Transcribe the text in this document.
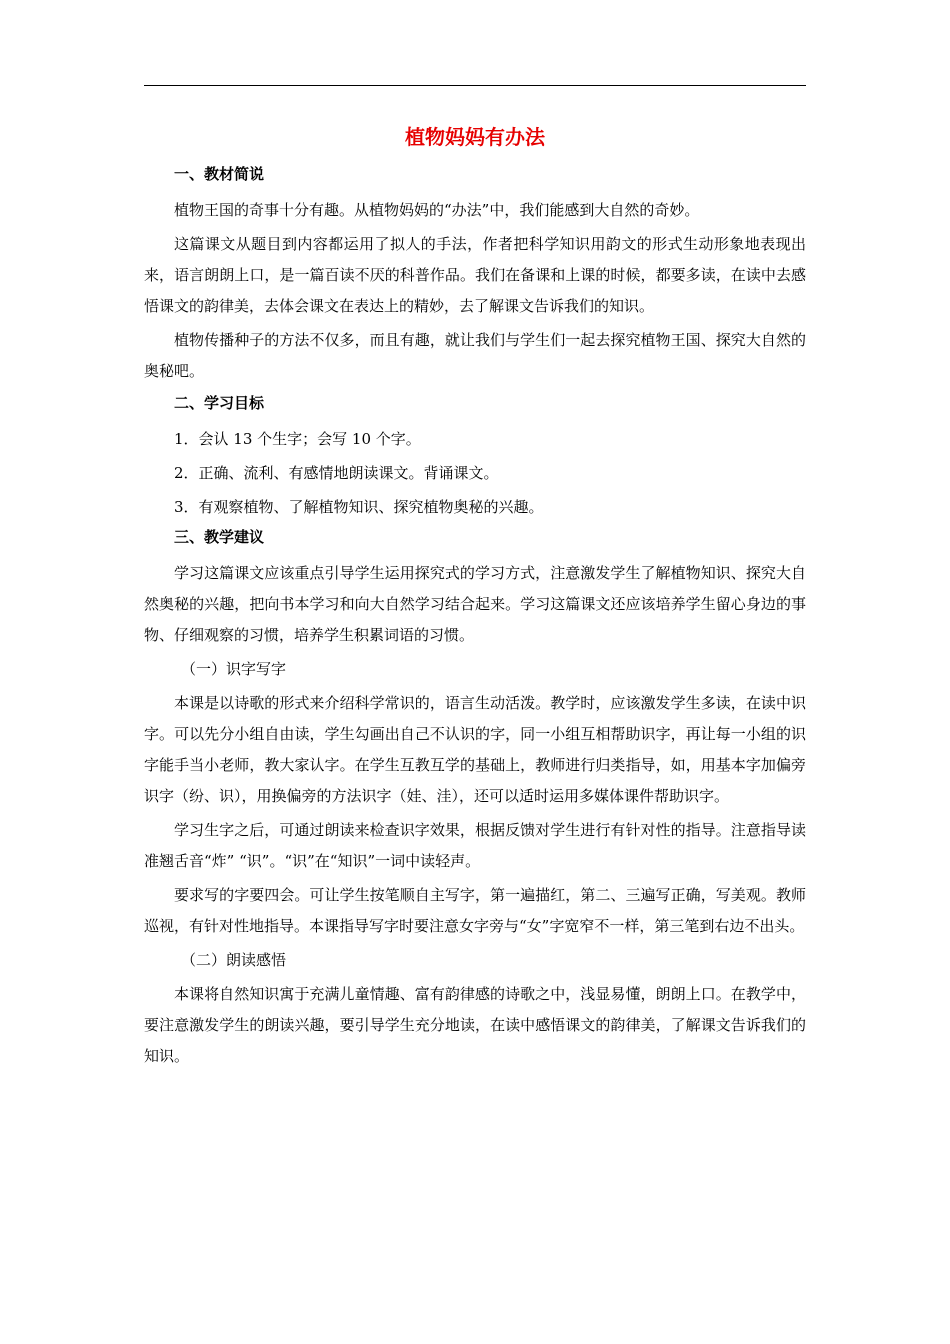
植物妈妈有办法
一、教材简说

植物王国的奇事十分有趣。从植物妈妈的“办法”中，我们能感到大自然的奇妙。

这篇课文从题目到内容都运用了拟人的手法，作者把科学知识用韵文的形式生动形象地表现出来，语言朗朗上口，是一篇百读不厌的科普作品。我们在备课和上课的时候，都要多读，在读中去感悟课文的韵律美，去体会课文在表达上的精妙，去了解课文告诉我们的知识。

植物传播种子的方法不仅多，而且有趣，就让我们与学生们一起去探究植物王国、探究大自然的奥秘吧。

二、学习目标

1．会认 13 个生字；会写 10 个字。

2．正确、流利、有感情地朗读课文。背诵课文。

3．有观察植物、了解植物知识、探究植物奥秘的兴趣。

三、教学建议

学习这篇课文应该重点引导学生运用探究式的学习方式，注意激发学生了解植物知识、探究大自然奥秘的兴趣，把向书本学习和向大自然学习结合起来。学习这篇课文还应该培养学生留心身边的事物、仔细观察的习惯，培养学生积累词语的习惯。

（一）识字写字

本课是以诗歌的形式来介绍科学常识的，语言生动活泼。教学时，应该激发学生多读，在读中识字。可以先分小组自由读，学生勾画出自己不认识的字，同一小组互相帮助识字，再让每一小组的识字能手当小老师，教大家认字。在学生互教互学的基础上，教师进行归类指导，如，用基本字加偏旁识字（纷、识），用换偏旁的方法识字（娃、洼），还可以适时运用多媒体课件帮助识字。

学习生字之后，可通过朗读来检查识字效果，根据反馈对学生进行有针对性的指导。注意指导读准翘舌音“炸” “识”。“识”在“知识”一词中读轻声。

要求写的字要四会。可让学生按笔顺自主写字，第一遍描红，第二、三遍写正确，写美观。教师巡视，有针对性地指导。本课指导写字时要注意女字旁与“女”字宽窄不一样，第三笔到右边不出头。

（二）朗读感悟

本课将自然知识寓于充满儿童情趣、富有韵律感的诗歌之中，浅显易懂，朗朗上口。在教学中，要注意激发学生的朗读兴趣，要引导学生充分地读，在读中感悟课文的韵律美，了解课文告诉我们的知识。
